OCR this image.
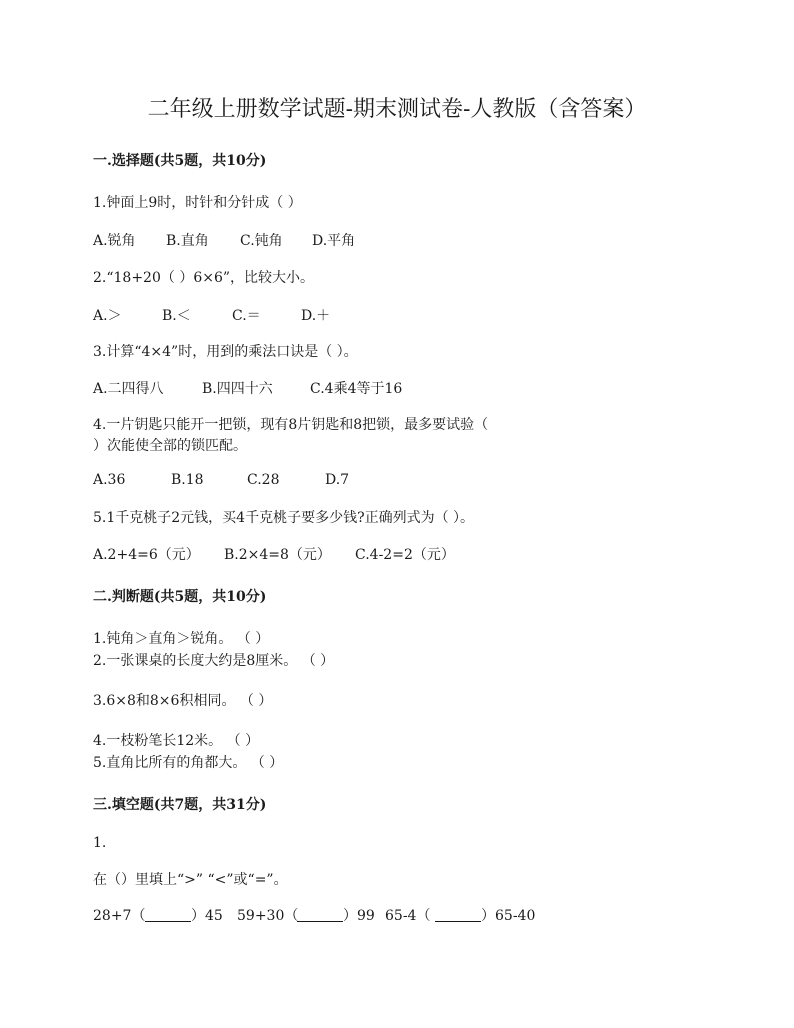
二年级上册数学试题-期末测试卷-人教版（含答案）
一.选择题(共5题，共10分)
1.钟面上9时，时针和分针成（ ）
A.锐角 B.直角 C.钝角 D.平角
2.“18+20（ ）6×6”，比较大小。
A.＞	B.＜	C.＝	D.＋
3.计算“4×4”时，用到的乘法口诀是（ ）。
A.二四得八	B.四四十六	C.4乘4等于16
4.一片钥匙只能开一把锁，现有8片钥匙和8把锁，最多要试验（
）次能使全部的锁匹配。
A.36	B.18	C.28	D.7
5.1千克桃子2元钱，买4千克桃子要多少钱?正确列式为（ ）。
A.2+4=6（元） B.2×4=8（元） C.4-2=2（元）
二.判断题(共5题，共10分)
1.钝角＞直角＞锐角。 （ ）
2.一张课桌的长度大约是8厘米。 （ ）
3.6×8和8×6积相同。 （ ）
4.一枝粉笔长12米。 （ ）
5.直角比所有的角都大。 （ ）
三.填空题(共7题，共31分)
1.
在（）里填上“>” “<”或“=”。
28+7（	）45 59+30（	）99 65-4（	）65-40
